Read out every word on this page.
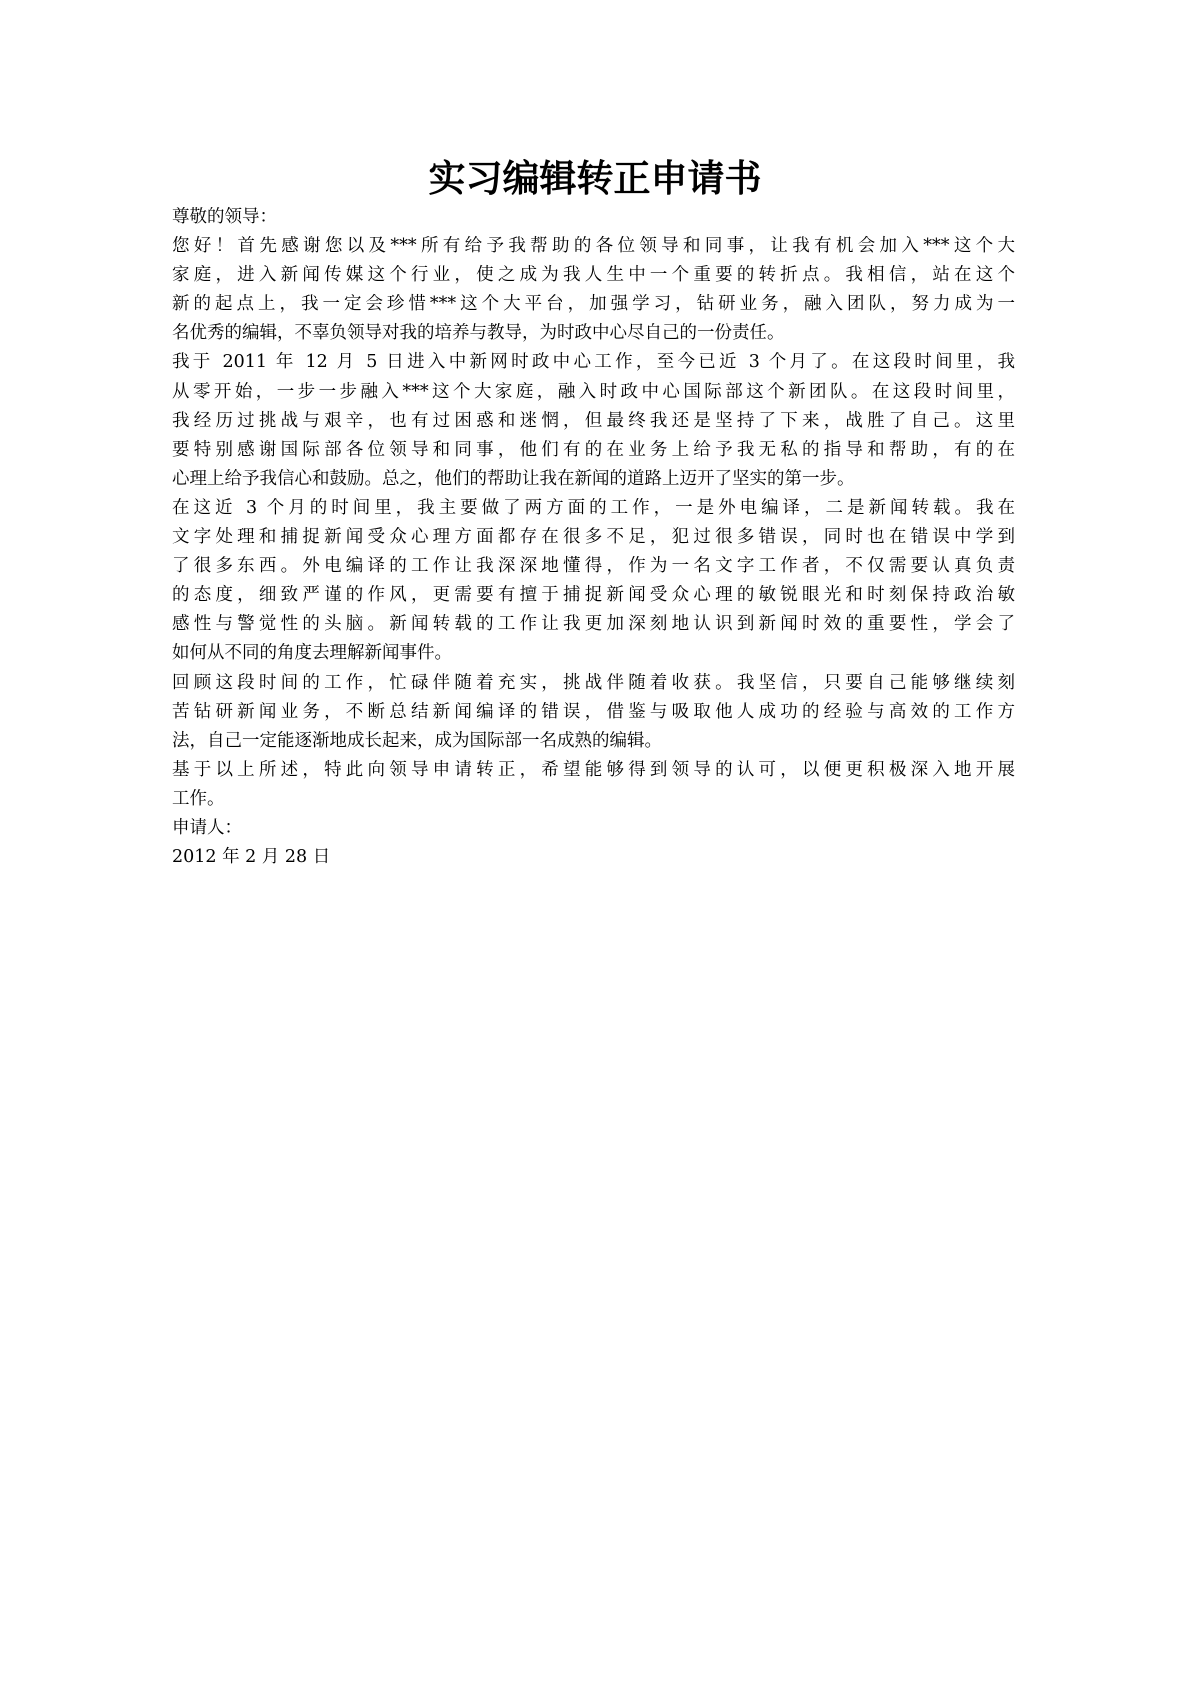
实习编辑转正申请书
尊敬的领导：
您好！首先感谢您以及***所有给予我帮助的各位领导和同事，让我有机会加入***这个大
家庭，进入新闻传媒这个行业，使之成为我人生中一个重要的转折点。我相信，站在这个
新的起点上，我一定会珍惜***这个大平台，加强学习，钻研业务，融入团队，努力成为一
名优秀的编辑，不辜负领导对我的培养与教导，为时政中心尽自己的一份责任。
我于 2011 年 12 月 5 日进入中新网时政中心工作，至今已近 3 个月了。在这段时间里，我
从零开始，一步一步融入***这个大家庭，融入时政中心国际部这个新团队。在这段时间里，
我经历过挑战与艰辛，也有过困惑和迷惘，但最终我还是坚持了下来，战胜了自己。这里
要特别感谢国际部各位领导和同事，他们有的在业务上给予我无私的指导和帮助，有的在
心理上给予我信心和鼓励。总之，他们的帮助让我在新闻的道路上迈开了坚实的第一步。
在这近 3 个月的时间里，我主要做了两方面的工作，一是外电编译，二是新闻转载。我在
文字处理和捕捉新闻受众心理方面都存在很多不足，犯过很多错误，同时也在错误中学到
了很多东西。外电编译的工作让我深深地懂得，作为一名文字工作者，不仅需要认真负责
的态度，细致严谨的作风，更需要有擅于捕捉新闻受众心理的敏锐眼光和时刻保持政治敏
感性与警觉性的头脑。新闻转载的工作让我更加深刻地认识到新闻时效的重要性，学会了
如何从不同的角度去理解新闻事件。
回顾这段时间的工作，忙碌伴随着充实，挑战伴随着收获。我坚信，只要自己能够继续刻
苦钻研新闻业务，不断总结新闻编译的错误，借鉴与吸取他人成功的经验与高效的工作方
法，自己一定能逐渐地成长起来，成为国际部一名成熟的编辑。
基于以上所述，特此向领导申请转正，希望能够得到领导的认可，以便更积极深入地开展
工作。
申请人：
2012 年 2 月 28 日
